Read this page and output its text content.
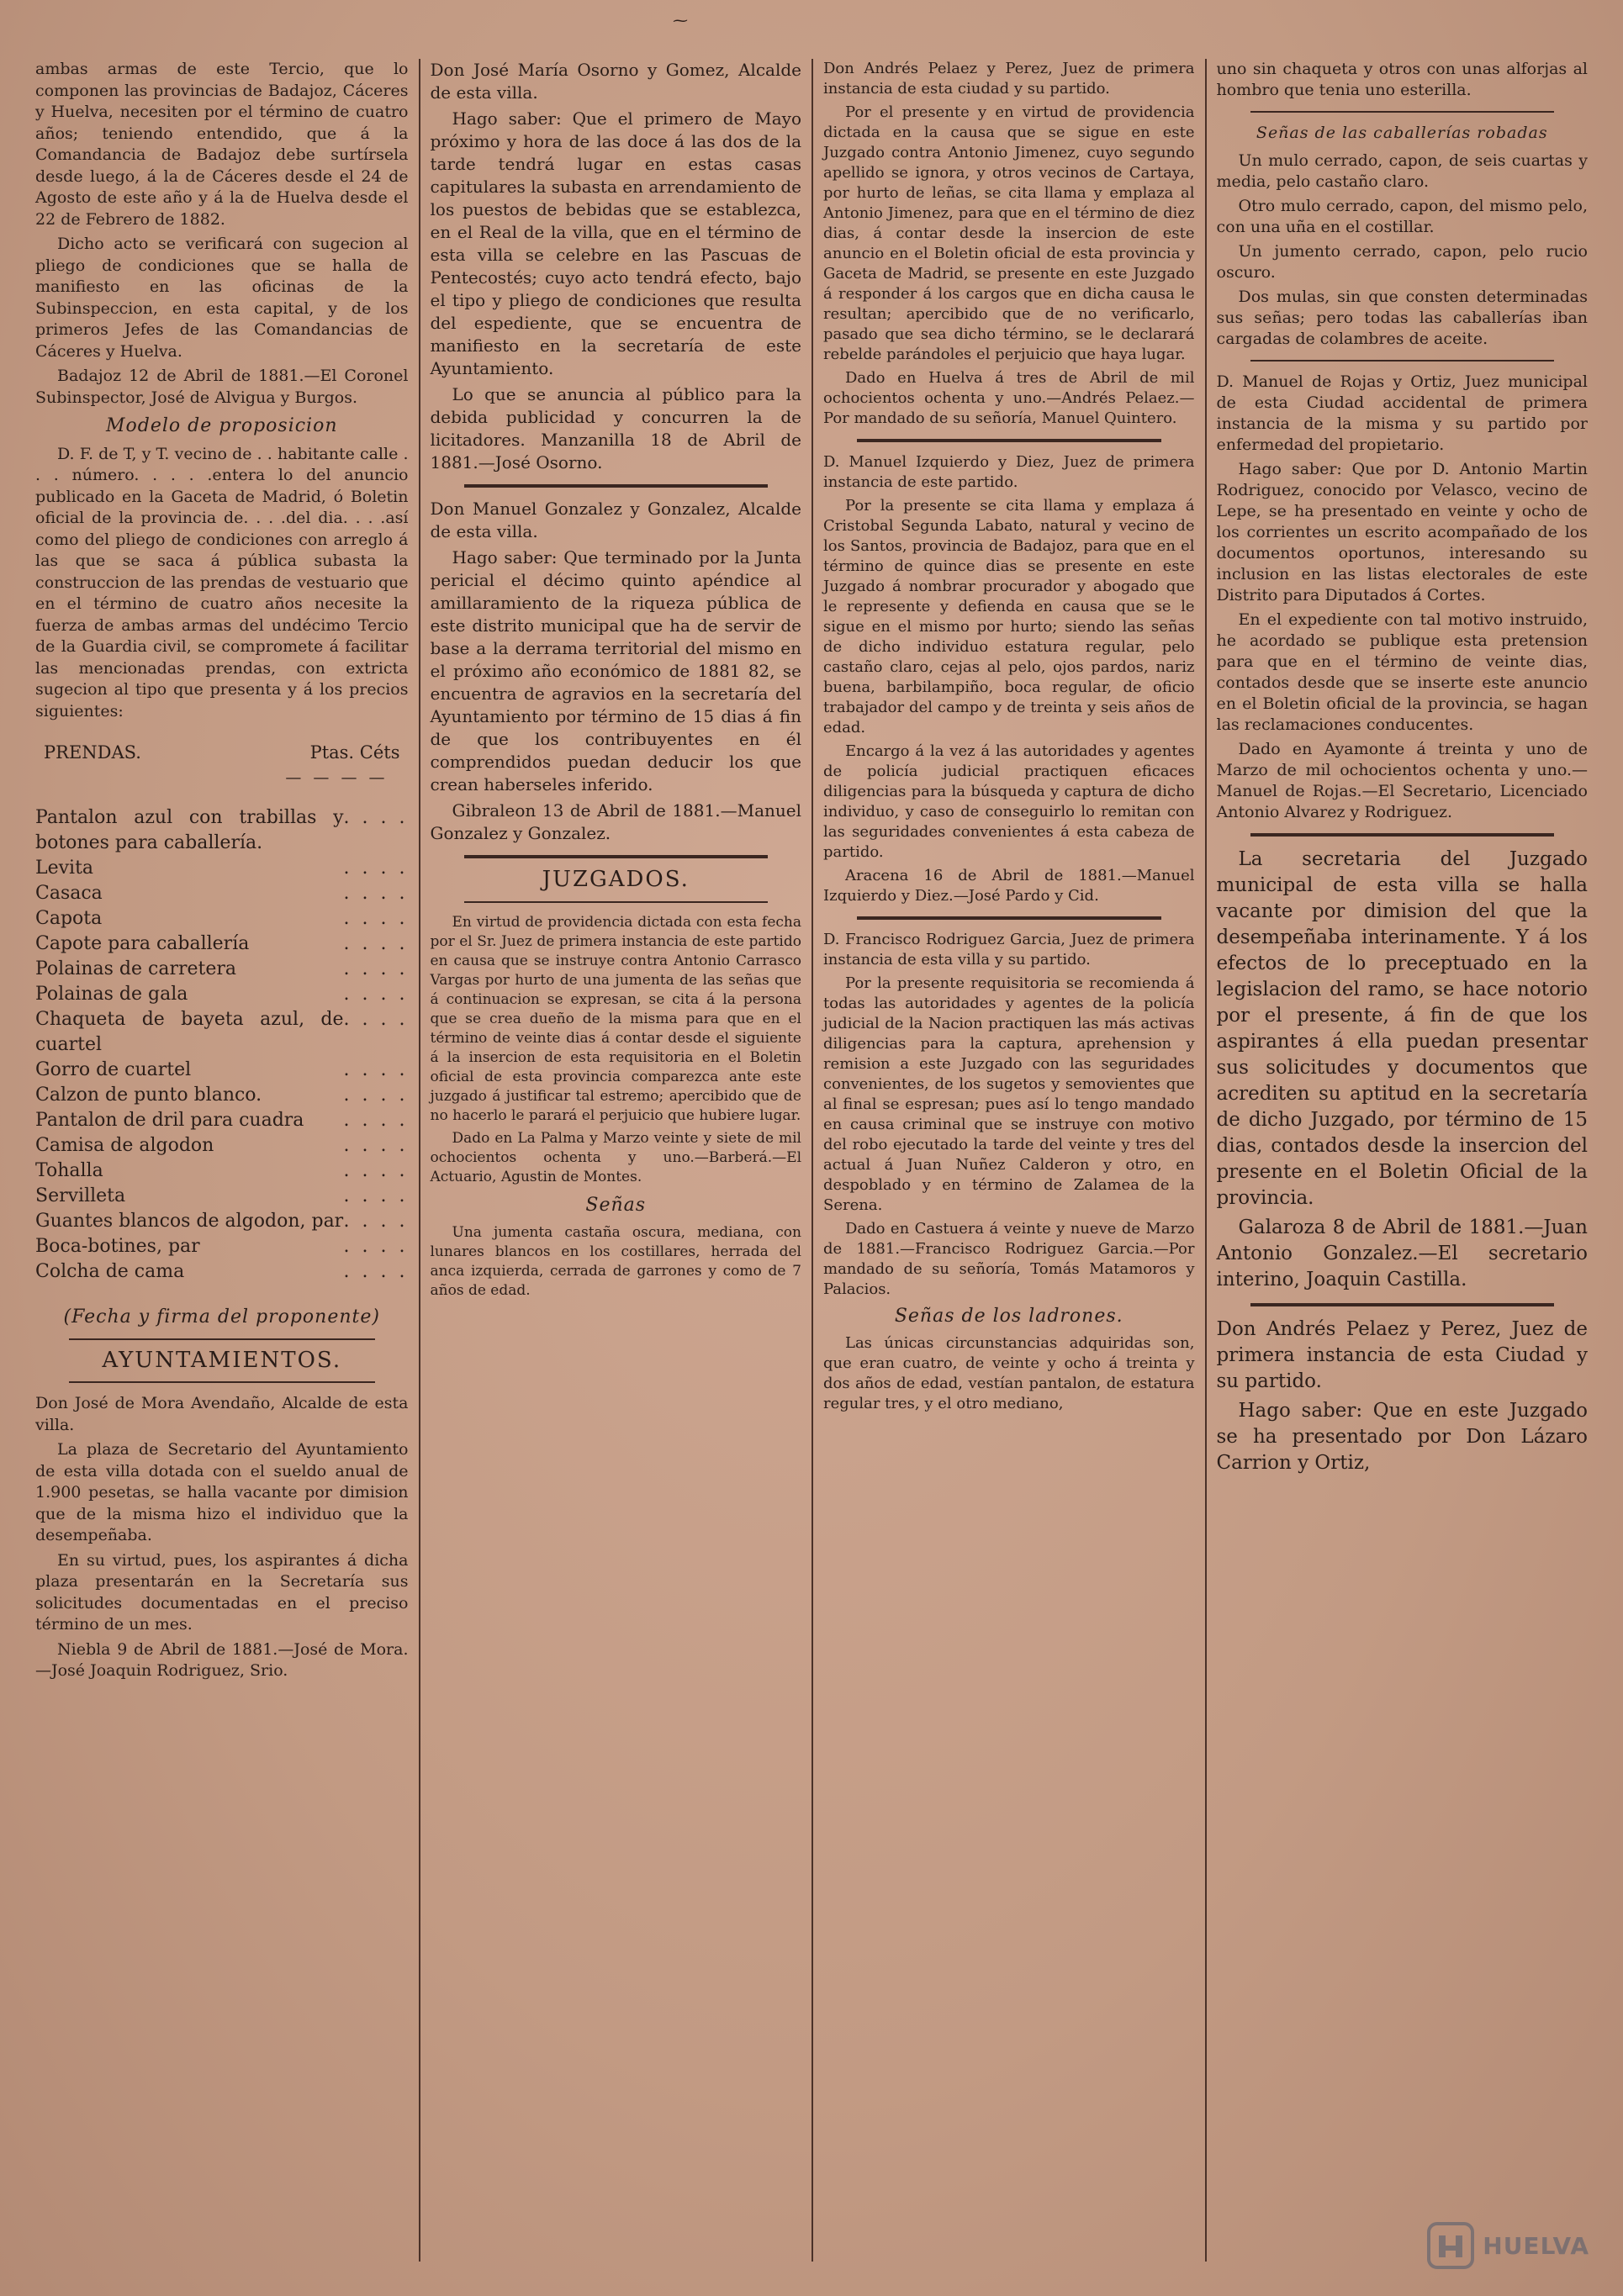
⁓

ambas armas de este Tercio, que lo componen las provincias de Badajoz, Cáceres y Huelva, necesiten por el término de cuatro años; teniendo entendido, que á la Comandancia de Badajoz debe surtírsela desde luego, á la de Cáceres desde el 24 de Agosto de este año y á la de Huelva desde el 22 de Febrero de 1882.

Dicho acto se verificará con sugecion al pliego de condiciones que se halla de manifiesto en las oficinas de la Subinspeccion, en esta capital, y de los primeros Jefes de las Comandancias de Cáceres y Huelva.

Badajoz 12 de Abril de 1881.—El Coronel Subinspector, José de Alvigua y Burgos.

Modelo de proposicion

D. F. de T, y T. vecino de . . habitante calle . . . número. . . . .entera lo del anuncio publicado en la Gaceta de Madrid, ó Boletin oficial de la provincia de. . . .del dia. . . .así como del pliego de condiciones con arreglo á las que se saca á pública subasta la construccion de las prendas de vestuario que en el término de cuatro años necesite la fuerza de ambas armas del undécimo Tercio de la Guardia civil, se compromete á facilitar las mencionadas prendas, con extricta sugecion al tipo que presenta y á los precios siguientes:

PRENDAS.	Ptas. Céts
— — — —
Pantalon azul con trabillas y botones para caballería.
. . . .
Levita
. . . .
Casaca
. . . .
Capota
. . . .
Capote para caballería
. . . .
Polainas de carretera
. . . .
Polainas de gala
. . . .
Chaqueta de bayeta azul, de cuartel
. . . .
Gorro de cuartel
. . . .
Calzon de punto blanco.
. . . .
Pantalon de dril para cuadra
. . . .
Camisa de algodon
. . . .
Tohalla
. . . .
Servilleta
. . . .
Guantes blancos de algodon, par
. . . .
Boca-botines, par
. . . .
Colcha de cama
. . . .
(Fecha y firma del proponente)
AYUNTAMIENTOS.

Don José de Mora Avendaño, Alcalde de esta villa.

La plaza de Secretario del Ayuntamiento de esta villa dotada con el sueldo anual de 1.900 pesetas, se halla vacante por dimision que de la misma hizo el individuo que la desempeñaba.

En su virtud, pues, los aspirantes á dicha plaza presentarán en la Secretaría sus solicitudes documentadas en el preciso término de un mes.

Niebla 9 de Abril de 1881.—José de Mora.—José Joaquin Rodriguez, Srio.

Don José María Osorno y Gomez, Alcalde de esta villa.

Hago saber: Que el primero de Mayo próximo y hora de las doce á las dos de la tarde tendrá lugar en estas casas capitulares la subasta en arrendamiento de los puestos de bebidas que se establezca, en el Real de la villa, que en el término de esta villa se celebre en las Pascuas de Pentecostés; cuyo acto tendrá efecto, bajo el tipo y pliego de condiciones que resulta del espediente, que se encuentra de manifiesto en la secretaría de este Ayuntamiento.

Lo que se anuncia al público para la debida publicidad y concurren la de licitadores. Manzanilla 18 de Abril de 1881.—José Osorno.

Don Manuel Gonzalez y Gonzalez, Alcalde de esta villa.

Hago saber: Que terminado por la Junta pericial el décimo quinto apéndice al amillaramiento de la riqueza pública de este distrito municipal que ha de servir de base a la derrama territorial del mismo en el próximo año económico de 1881 82, se encuentra de agravios en la secretaría del Ayuntamiento por término de 15 dias á fin de que los contribuyentes en él comprendidos puedan deducir los que crean haberseles inferido.

Gibraleon 13 de Abril de 1881.—Manuel Gonzalez y Gonzalez.

JUZGADOS.

En virtud de providencia dictada con esta fecha por el Sr. Juez de primera instancia de este partido en causa que se instruye contra Antonio Carrasco Vargas por hurto de una jumenta de las señas que á continuacion se expresan, se cita á la persona que se crea dueño de la misma para que en el término de veinte dias á contar desde el siguiente á la insercion de esta requisitoria en el Boletin oficial de esta provincia comparezca ante este juzgado á justificar tal estremo; apercibido que de no hacerlo le parará el perjuicio que hubiere lugar.

Dado en La Palma y Marzo veinte y siete de mil ochocientos ochenta y uno.—Barberá.—El Actuario, Agustin de Montes.

Señas

Una jumenta castaña oscura, mediana, con lunares blancos en los costillares, herrada del anca izquierda, cerrada de garrones y como de 7 años de edad.

Don Andrés Pelaez y Perez, Juez de primera instancia de esta ciudad y su partido.

Por el presente y en virtud de providencia dictada en la causa que se sigue en este Juzgado contra Antonio Jimenez, cuyo segundo apellido se ignora, y otros vecinos de Cartaya, por hurto de leñas, se cita llama y emplaza al Antonio Jimenez, para que en el término de diez dias, á contar desde la insercion de este anuncio en el Boletin oficial de esta provincia y Gaceta de Madrid, se presente en este Juzgado á responder á los cargos que en dicha causa le resultan; apercibido que de no verificarlo, pasado que sea dicho término, se le declarará rebelde parándoles el perjuicio que haya lugar.

Dado en Huelva á tres de Abril de mil ochocientos ochenta y uno.—Andrés Pelaez.—Por mandado de su señoría, Manuel Quintero.

D. Manuel Izquierdo y Diez, Juez de primera instancia de este partido.

Por la presente se cita llama y emplaza á Cristobal Segunda Labato, natural y vecino de los Santos, provincia de Badajoz, para que en el término de quince dias se presente en este Juzgado á nombrar procurador y abogado que le represente y defienda en causa que se le sigue en el mismo por hurto; siendo las señas de dicho individuo estatura regular, pelo castaño claro, cejas al pelo, ojos pardos, nariz buena, barbilampiño, boca regular, de oficio trabajador del campo y de treinta y seis años de edad.

Encargo á la vez á las autoridades y agentes de policía judicial practiquen eficaces diligencias para la búsqueda y captura de dicho individuo, y caso de conseguirlo lo remitan con las seguridades convenientes á esta cabeza de partido.

Aracena 16 de Abril de 1881.—Manuel Izquierdo y Diez.—José Pardo y Cid.

D. Francisco Rodriguez Garcia, Juez de primera instancia de esta villa y su partido.

Por la presente requisitoria se recomienda á todas las autoridades y agentes de la policía judicial de la Nacion practiquen las más activas diligencias para la captura, aprehension y remision a este Juzgado con las seguridades convenientes, de los sugetos y semovientes que al final se espresan; pues así lo tengo mandado en causa criminal que se instruye con motivo del robo ejecutado la tarde del veinte y tres del actual á Juan Nuñez Calderon y otro, en despoblado y en término de Zalamea de la Serena.

Dado en Castuera á veinte y nueve de Marzo de 1881.—Francisco Rodriguez Garcia.—Por mandado de su señoría, Tomás Matamoros y Palacios.

Señas de los ladrones.

Las únicas circunstancias adquiridas son, que eran cuatro, de veinte y ocho á treinta y dos años de edad, vestían pantalon, de estatura regular tres, y el otro mediano,

uno sin chaqueta y otros con unas alforjas al hombro que tenia uno esterilla.

Señas de las caballerías robadas

Un mulo cerrado, capon, de seis cuartas y media, pelo castaño claro.

Otro mulo cerrado, capon, del mismo pelo, con una uña en el costillar.

Un jumento cerrado, capon, pelo rucio oscuro.

Dos mulas, sin que consten determinadas sus señas; pero todas las caballerías iban cargadas de colambres de aceite.

D. Manuel de Rojas y Ortiz, Juez municipal de esta Ciudad accidental de primera instancia de la misma y su partido por enfermedad del propietario.

Hago saber: Que por D. Antonio Martin Rodriguez, conocido por Velasco, vecino de Lepe, se ha presentado en veinte y ocho de los corrientes un escrito acompañado de los documentos oportunos, interesando su inclusion en las listas electorales de este Distrito para Diputados á Cortes.

En el expediente con tal motivo instruido, he acordado se publique esta pretension para que en el término de veinte dias, contados desde que se inserte este anuncio en el Boletin oficial de la provincia, se hagan las reclamaciones conducentes.

Dado en Ayamonte á treinta y uno de Marzo de mil ochocientos ochenta y uno.—Manuel de Rojas.—El Secretario, Licenciado Antonio Alvarez y Rodriguez.

La secretaria del Juzgado municipal de esta villa se halla vacante por dimision del que la desempeñaba interinamente. Y á los efectos de lo preceptuado en la legislacion del ramo, se hace notorio por el presente, á fin de que los aspirantes á ella puedan presentar sus solicitudes y documentos que acrediten su aptitud en la secretaría de dicho Juzgado, por término de 15 dias, contados desde la insercion del presente en el Boletin Oficial de la provincia.

Galaroza 8 de Abril de 1881.—Juan Antonio Gonzalez.—El secretario interino, Joaquin Castilla.

Don Andrés Pelaez y Perez, Juez de primera instancia de esta Ciudad y su partido.

Hago saber: Que en este Juzgado se ha presentado por Don Lázaro Carrion y Ortiz,

HUELVA
